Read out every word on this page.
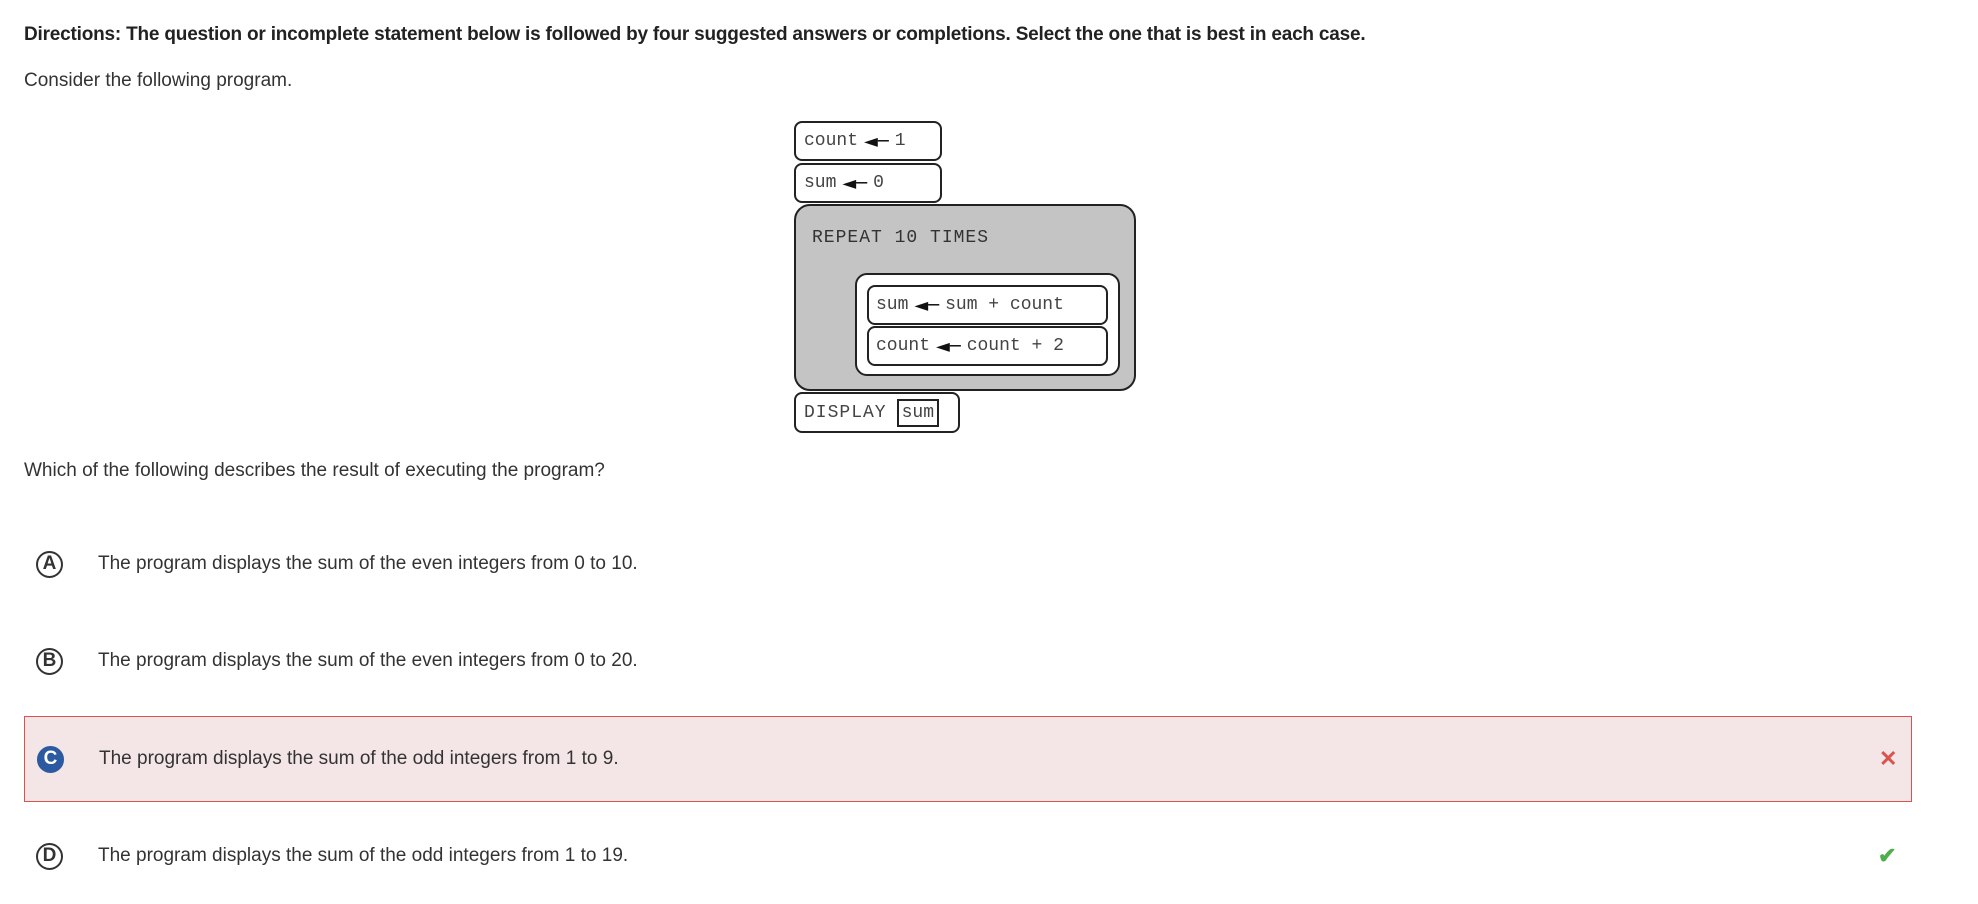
Directions: The question or incomplete statement below is followed by four suggested answers or completions. Select the one that is best in each case.
Consider the following program.
count ◄─ 1
sum ◄─ 0
REPEAT 10 TIMES
sum ◄─ sum + count
count ◄─ count + 2
DISPLAY sum
Which of the following describes the result of executing the program?
A	The program displays the sum of the even integers from 0 to 10.
B	The program displays the sum of the even integers from 0 to 20.
C	The program displays the sum of the odd integers from 1 to 9.	✕
D	The program displays the sum of the odd integers from 1 to 19.	✔
